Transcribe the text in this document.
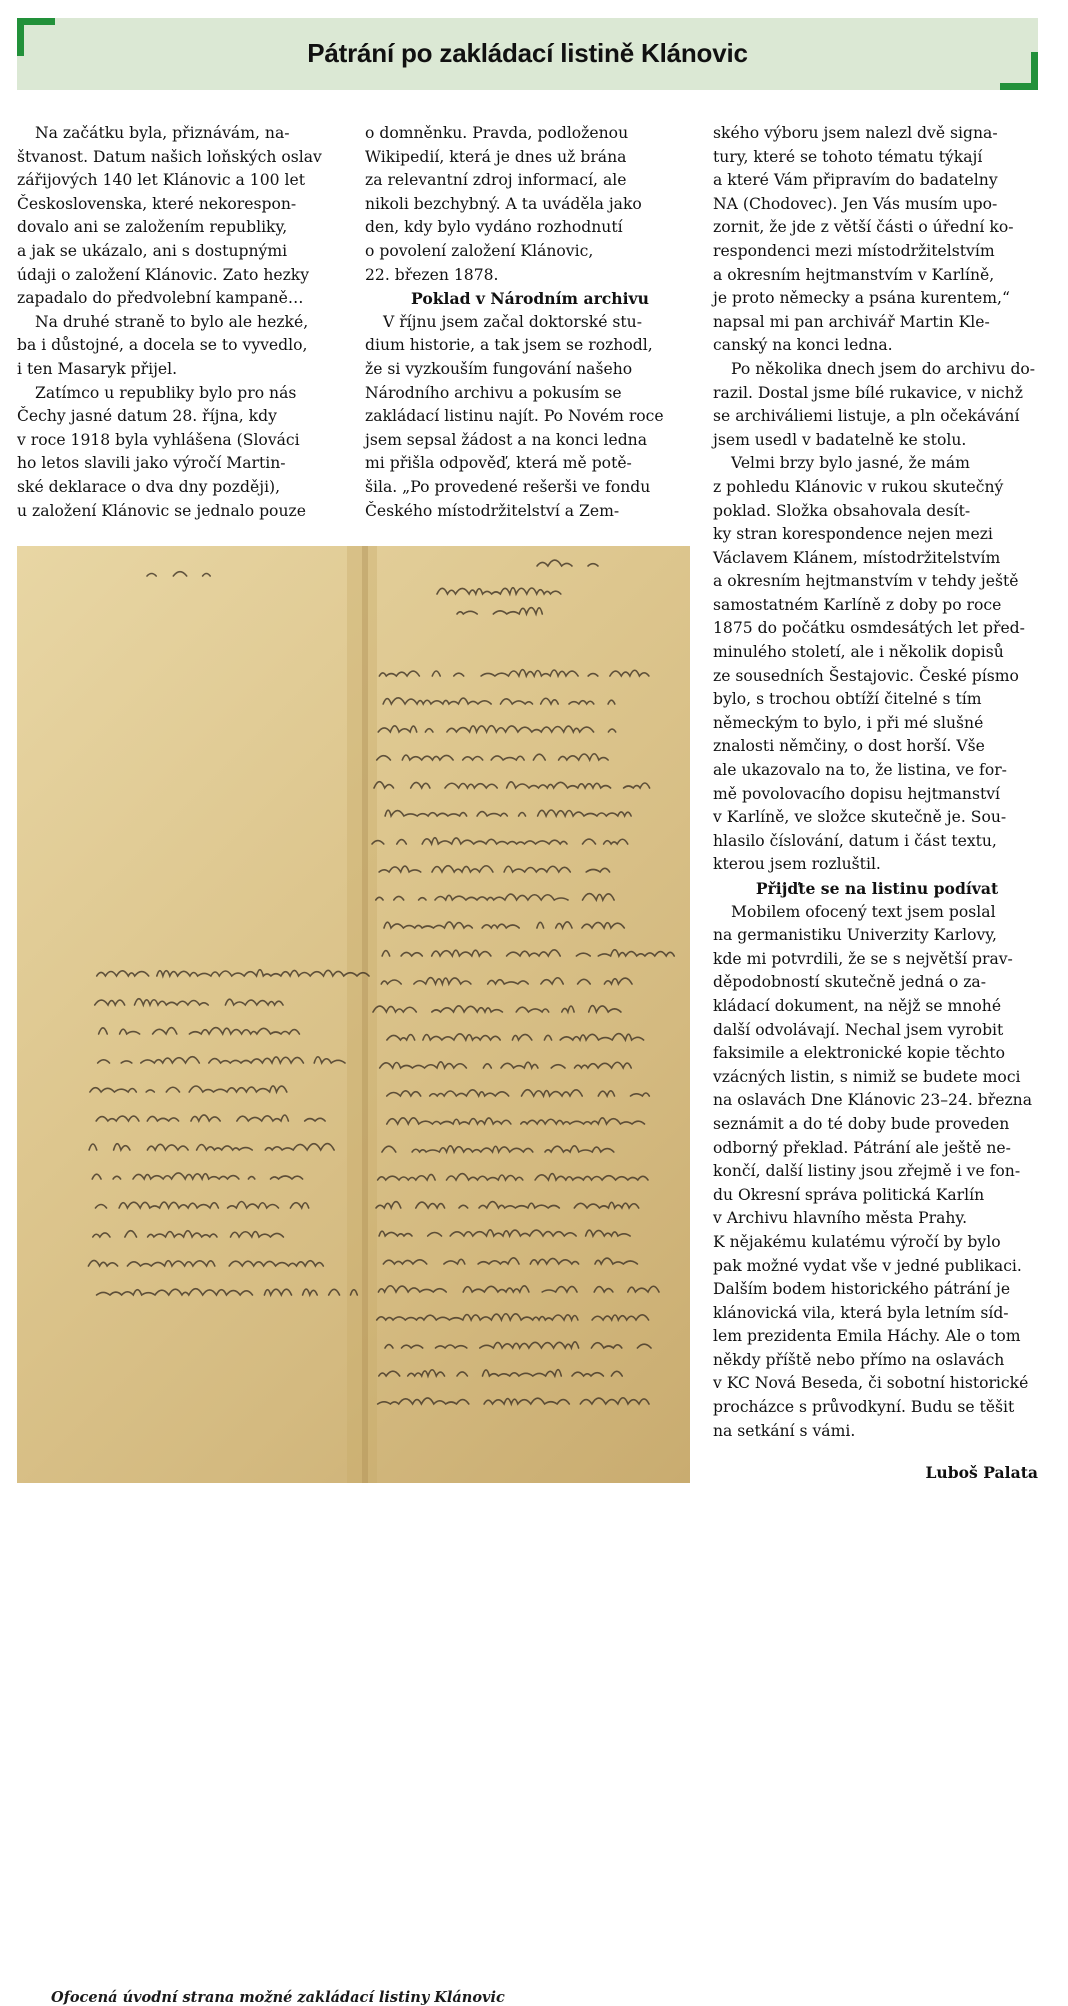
Pátrání po zakládací listině Klánovic

Na začátku byla, přiznávám, na-

štvanost. Datum našich loňských oslav

zářijových 140 let Klánovic a 100 let

Československa, které nekorespon-

dovalo ani se založením republiky,

a jak se ukázalo, ani s dostupnými

údaji o založení Klánovic. Zato hezky

zapadalo do předvolební kampaně…

Na druhé straně to bylo ale hezké,

ba i důstojné, a docela se to vyvedlo,

i ten Masaryk přijel.

Zatímco u republiky bylo pro nás

Čechy jasné datum 28. října, kdy

v roce 1918 byla vyhlášena (Slováci

ho letos slavili jako výročí Martin-

ské deklarace o dva dny později),

u založení Klánovic se jednalo pouze

o domněnku. Pravda, podloženou

Wikipedií, která je dnes už brána

za relevantní zdroj informací, ale

nikoli bezchybný. A ta uváděla jako

den, kdy bylo vydáno rozhodnutí

o povolení založení Klánovic,

22. březen 1878.

Poklad v Národním archivu

V říjnu jsem začal doktorské stu-

dium historie, a tak jsem se rozhodl,

že si vyzkouším fungování našeho

Národního archivu a pokusím se

zakládací listinu najít. Po Novém roce

jsem sepsal žádost a na konci ledna

mi přišla odpověď, která mě potě-

šila. „Po provedené rešerši ve fondu

Českého místodržitelství a Zem-

ského výboru jsem nalezl dvě signa-

tury, které se tohoto tématu týkají

a které Vám připravím do badatelny

NA (Chodovec). Jen Vás musím upo-

zornit, že jde z větší části o úřední ko-

respondenci mezi místodržitelstvím

a okresním hejtmanstvím v Karlíně,

je proto německy a psána kurentem,“

napsal mi pan archivář Martin Kle-

canský na konci ledna.

Po několika dnech jsem do archivu do-

razil. Dostal jsme bílé rukavice, v nichž

se archiváliemi listuje, a pln očekávání

jsem usedl v badatelně ke stolu.

Velmi brzy bylo jasné, že mám

z pohledu Klánovic v rukou skutečný

poklad. Složka obsahovala desít-

ky stran korespondence nejen mezi

Václavem Klánem, místodržitelstvím

a okresním hejtmanstvím v tehdy ještě

samostatném Karlíně z doby po roce

1875 do počátku osmdesátých let před-

minulého století, ale i několik dopisů

ze sousedních Šestajovic. České písmo

bylo, s trochou obtíží čitelné s tím

německým to bylo, i při mé slušné

znalosti němčiny, o dost horší. Vše

ale ukazovalo na to, že listina, ve for-

mě povolovacího dopisu hejtmanství

v Karlíně, ve složce skutečně je. Sou-

hlasilo číslování, datum i část textu,

kterou jsem rozluštil.

Přijďte se na listinu podívat

Mobilem ofocený text jsem poslal

na germanistiku Univerzity Karlovy,

kde mi potvrdili, že se s největší prav-

děpodobností skutečně jedná o za-

kládací dokument, na nějž se mnohé

další odvolávají. Nechal jsem vyrobit

faksimile a elektronické kopie těchto

vzácných listin, s nimiž se budete moci

na oslavách Dne Klánovic 23–24. března

seznámit a do té doby bude proveden

odborný překlad. Pátrání ale ještě ne-

končí, další listiny jsou zřejmě i ve fon-

du Okresní správa politická Karlín

v Archivu hlavního města Prahy.

K nějakému kulatému výročí by bylo

pak možné vydat vše v jedné publikaci.

Dalším bodem historického pátrání je

klánovická vila, která byla letním síd-

lem prezidenta Emila Háchy. Ale o tom

někdy příště nebo přímo na oslavách

v KC Nová Beseda, či sobotní historické

procházce s průvodkyní. Budu se těšit

na setkání s vámi.

Ofocená úvodní strana možné zakládací listiny Klánovic
Luboš Palata
